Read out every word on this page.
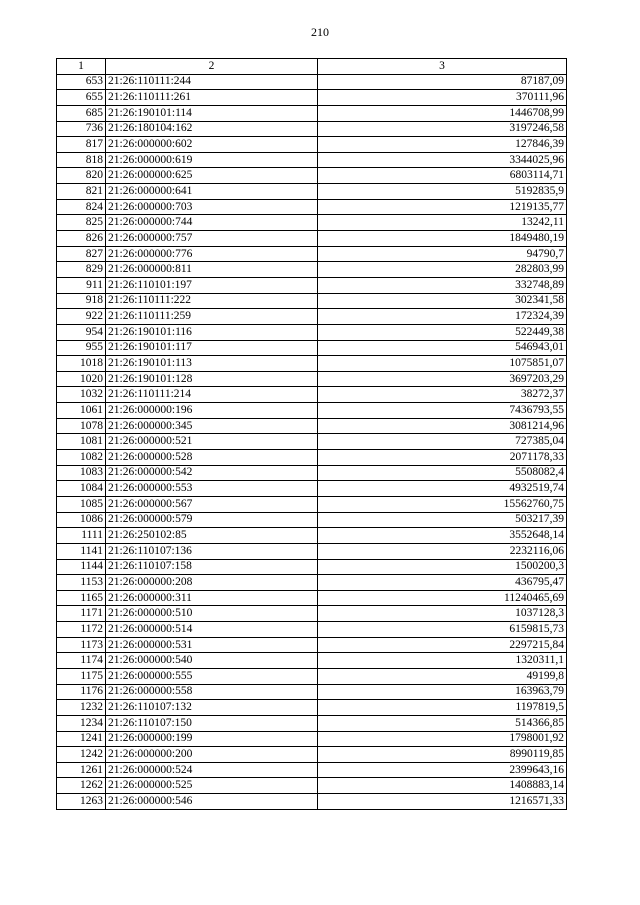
210
1	2	3
653	21:26:110111:244	87187,09
655	21:26:110111:261	370111,96
685	21:26:190101:114	1446708,99
736	21:26:180104:162	3197246,58
817	21:26:000000:602	127846,39
818	21:26:000000:619	3344025,96
820	21:26:000000:625	6803114,71
821	21:26:000000:641	5192835,9
824	21:26:000000:703	1219135,77
825	21:26:000000:744	13242,11
826	21:26:000000:757	1849480,19
827	21:26:000000:776	94790,7
829	21:26:000000:811	282803,99
911	21:26:110101:197	332748,89
918	21:26:110111:222	302341,58
922	21:26:110111:259	172324,39
954	21:26:190101:116	522449,38
955	21:26:190101:117	546943,01
1018	21:26:190101:113	1075851,07
1020	21:26:190101:128	3697203,29
1032	21:26:110111:214	38272,37
1061	21:26:000000:196	7436793,55
1078	21:26:000000:345	3081214,96
1081	21:26:000000:521	727385,04
1082	21:26:000000:528	2071178,33
1083	21:26:000000:542	5508082,4
1084	21:26:000000:553	4932519,74
1085	21:26:000000:567	15562760,75
1086	21:26:000000:579	503217,39
1111	21:26:250102:85	3552648,14
1141	21:26:110107:136	2232116,06
1144	21:26:110107:158	1500200,3
1153	21:26:000000:208	436795,47
1165	21:26:000000:311	11240465,69
1171	21:26:000000:510	1037128,3
1172	21:26:000000:514	6159815,73
1173	21:26:000000:531	2297215,84
1174	21:26:000000:540	1320311,1
1175	21:26:000000:555	49199,8
1176	21:26:000000:558	163963,79
1232	21:26:110107:132	1197819,5
1234	21:26:110107:150	514366,85
1241	21:26:000000:199	1798001,92
1242	21:26:000000:200	8990119,85
1261	21:26:000000:524	2399643,16
1262	21:26:000000:525	1408883,14
1263	21:26:000000:546	1216571,33
